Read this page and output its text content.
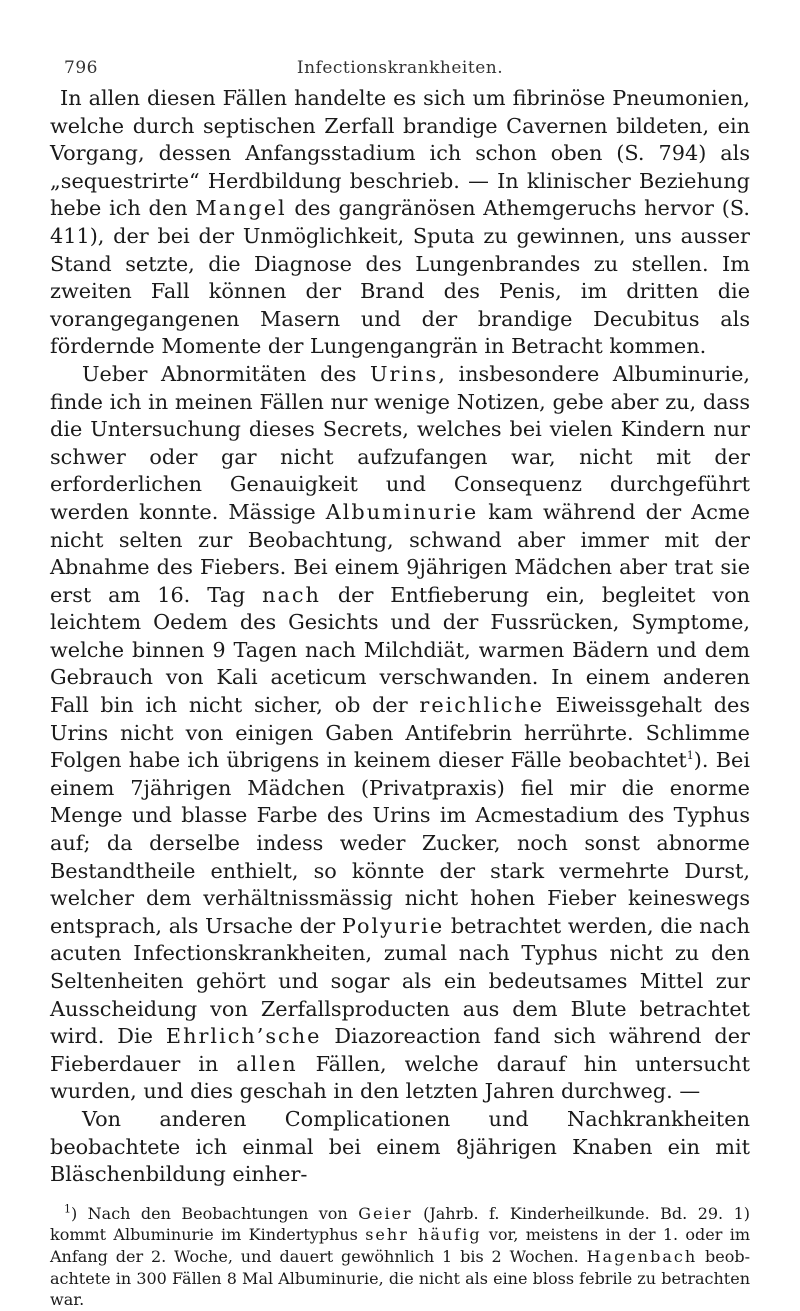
796	Infectionskrankheiten.

In allen diesen Fällen handelte es sich um fibrinöse Pneumonien, welche durch septischen Zerfall brandige Cavernen bildeten, ein Vorgang, dessen Anfangsstadium ich schon oben (S. 794) als „sequestrirte“ Herdbildung beschrieb. — In klinischer Beziehung hebe ich den Mangel des gangränösen Athemgeruchs hervor (S. 411), der bei der Unmöglichkeit, Sputa zu gewinnen, uns ausser Stand setzte, die Diagnose des Lungenbrandes zu stellen. Im zweiten Fall können der Brand des Penis, im dritten die vorangegangenen Masern und der brandige Decubitus als fördernde Momente der Lungengangrän in Betracht kommen.

Ueber Abnormitäten des Urins, insbesondere Albuminurie, finde ich in meinen Fällen nur wenige Notizen, gebe aber zu, dass die Untersuchung dieses Secrets, welches bei vielen Kindern nur schwer oder gar nicht aufzufangen war, nicht mit der erforderlichen Genauigkeit und Consequenz durchgeführt werden konnte. Mässige Albuminurie kam während der Acme nicht selten zur Beobachtung, schwand aber immer mit der Abnahme des Fiebers. Bei einem 9jährigen Mädchen aber trat sie erst am 16. Tag nach der Entfieberung ein, begleitet von leichtem Oedem des Gesichts und der Fussrücken, Symptome, welche binnen 9 Tagen nach Milchdiät, warmen Bädern und dem Gebrauch von Kali aceticum verschwanden. In einem anderen Fall bin ich nicht sicher, ob der reichliche Eiweissgehalt des Urins nicht von einigen Gaben Antifebrin herrührte. Schlimme Folgen habe ich übrigens in keinem dieser Fälle beobachtet$^1$). Bei einem 7jährigen Mädchen (Privatpraxis) fiel mir die enorme Menge und blasse Farbe des Urins im Acmestadium des Typhus auf; da derselbe indess weder Zucker, noch sonst abnorme Bestandtheile enthielt, so könnte der stark vermehrte Durst, welcher dem verhältnissmässig nicht hohen Fieber keineswegs entsprach, als Ursache der Polyurie betrachtet werden, die nach acuten Infectionskrankheiten, zumal nach Typhus nicht zu den Seltenheiten gehört und sogar als ein bedeutsames Mittel zur Ausscheidung von Zerfallsproducten aus dem Blute betrachtet wird. Die Ehrlich’sche Diazoreaction fand sich während der Fieberdauer in allen Fällen, welche darauf hin untersucht wurden, und dies geschah in den letzten Jahren durchweg. —

Von anderen Complicationen und Nachkrankheiten beobachtete ich einmal bei einem 8jährigen Knaben ein mit Bläschenbildung einher-

$^1$) Nach den Beobachtungen von Geier (Jahrb. f. Kinderheilkunde. Bd. 29. 1) kommt Albuminurie im Kindertyphus sehr häufig vor, meistens in der 1. oder im Anfang der 2. Woche, und dauert gewöhnlich 1 bis 2 Wochen. Hagenbach beobachtete in 300 Fällen 8 Mal Albuminurie, die nicht als eine bloss febrile zu betrachten war.
